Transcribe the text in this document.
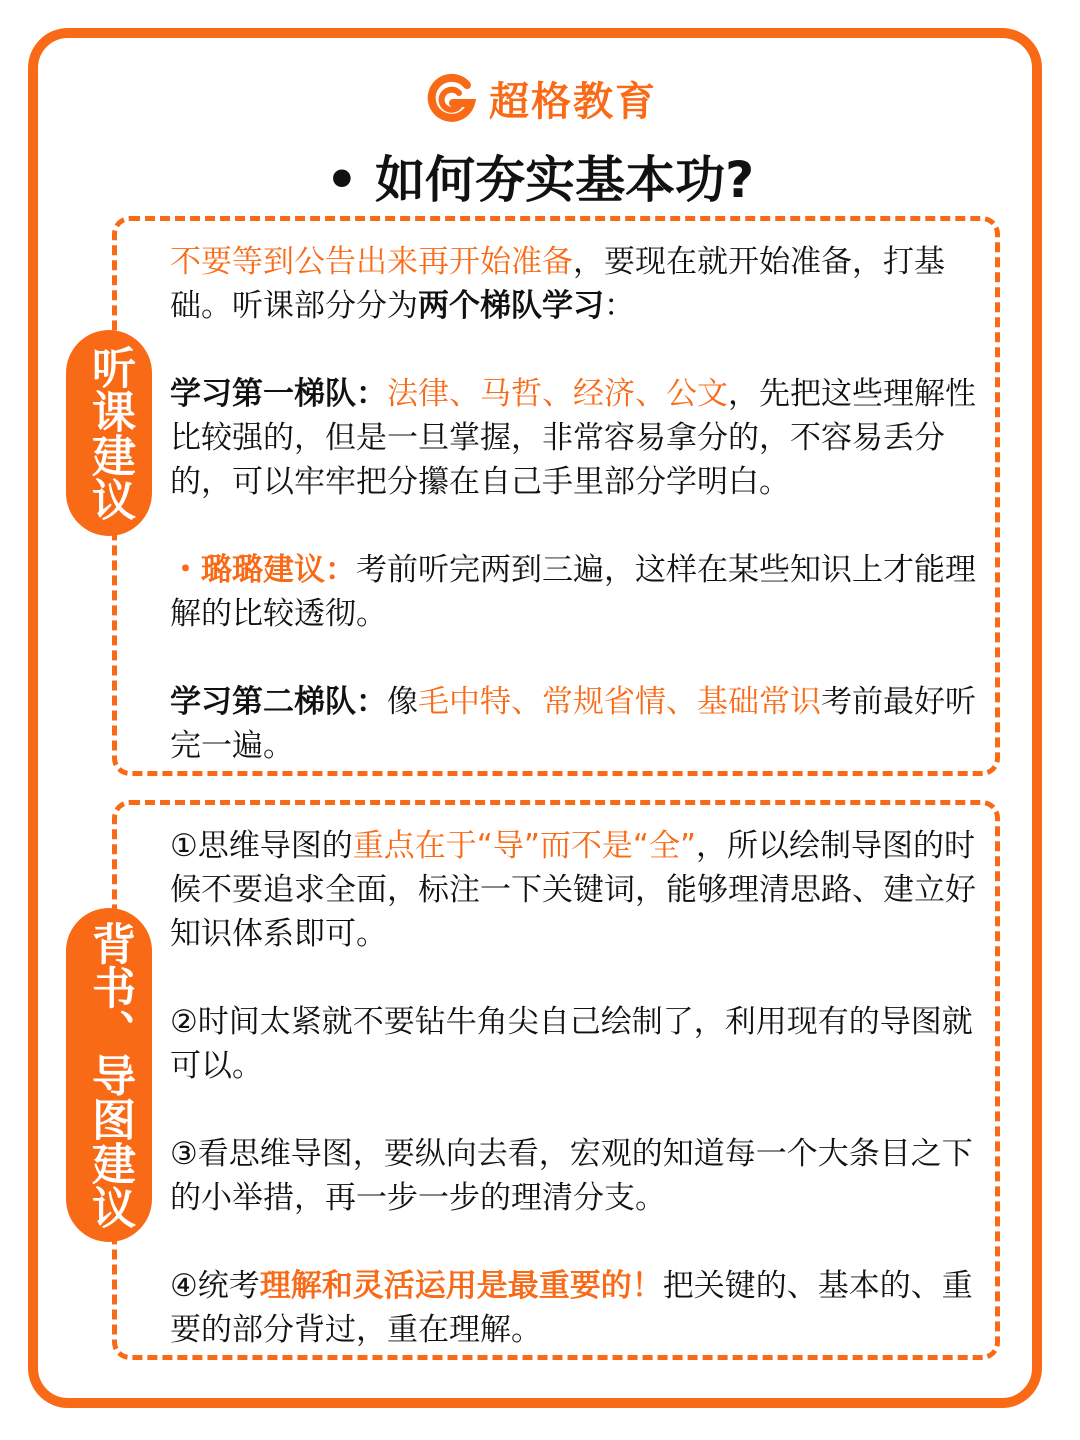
超格教育
• 如何夯实基本功?
听课建议

不要等到公告出来再开始准备，要现在就开始准备，打基础。听课部分分为两个梯队学习：

学习第一梯队：法律、马哲、经济、公文，先把这些理解性比较强的，但是一旦掌握，非常容易拿分的，不容易丢分的，可以牢牢把分攥在自己手里部分学明白。

・璐璐建议：考前听完两到三遍，这样在某些知识上才能理解的比较透彻。

学习第二梯队：像毛中特、常规省情、基础常识考前最好听完一遍。

背书、导图建议

①思维导图的重点在于“导”而不是“全”，所以绘制导图的时候不要追求全面，标注一下关键词，能够理清思路、建立好知识体系即可。

②时间太紧就不要钻牛角尖自己绘制了，利用现有的导图就可以。

③看思维导图，要纵向去看，宏观的知道每一个大条目之下的小举措，再一步一步的理清分支。

④统考理解和灵活运用是最重要的！把关键的、基本的、重要的部分背过，重在理解。
